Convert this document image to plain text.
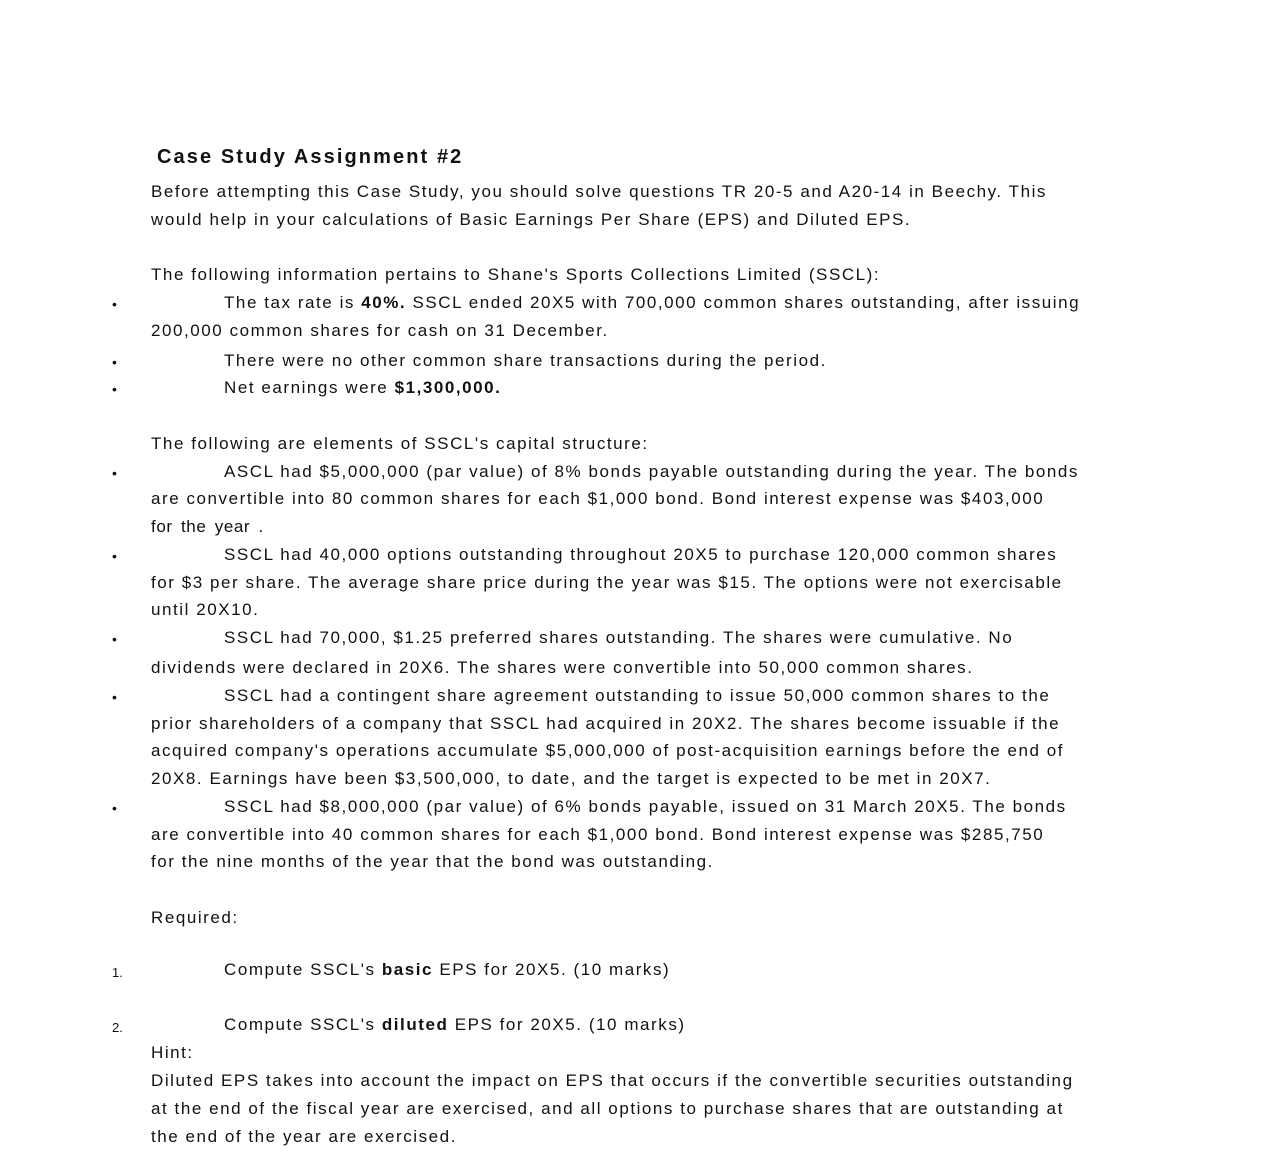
Case Study Assignment #2
Before attempting this Case Study, you should solve questions TR 20-5 and A20-14 in Beechy. This
would help in your calculations of Basic Earnings Per Share (EPS) and Diluted EPS.
The following information pertains to Shane's Sports Collections Limited (SSCL):
•	The tax rate is 40%. SSCL ended 20X5 with 700,000 common shares outstanding, after issuing
200,000 common shares for cash on 31 December.
•	There were no other common share transactions during the period.
•	Net earnings were $1,300,000.
The following are elements of SSCL's capital structure:
•	ASCL had $5,000,000 (par value) of 8% bonds payable outstanding during the year. The bonds
are convertible into 80 common shares for each $1,000 bond. Bond interest expense was $403,000
for the year .
•	SSCL had 40,000 options outstanding throughout 20X5 to purchase 120,000 common shares
for $3 per share. The average share price during the year was $15. The options were not exercisable
until 20X10.
•	SSCL had 70,000, $1.25 preferred shares outstanding. The shares were cumulative. No
dividends were declared in 20X6. The shares were convertible into 50,000 common shares.
•	SSCL had a contingent share agreement outstanding to issue 50,000 common shares to the
prior shareholders of a company that SSCL had acquired in 20X2. The shares become issuable if the
acquired company's operations accumulate $5,000,000 of post-acquisition earnings before the end of
20X8. Earnings have been $3,500,000, to date, and the target is expected to be met in 20X7.
•	SSCL had $8,000,000 (par value) of 6% bonds payable, issued on 31 March 20X5. The bonds
are convertible into 40 common shares for each $1,000 bond. Bond interest expense was $285,750
for the nine months of the year that the bond was outstanding.
Required:
1.	Compute SSCL's basic EPS for 20X5. (10 marks)
2.	Compute SSCL's diluted EPS for 20X5. (10 marks)
Hint:
Diluted EPS takes into account the impact on EPS that occurs if the convertible securities outstanding
at the end of the fiscal year are exercised, and all options to purchase shares that are outstanding at
the end of the year are exercised.
